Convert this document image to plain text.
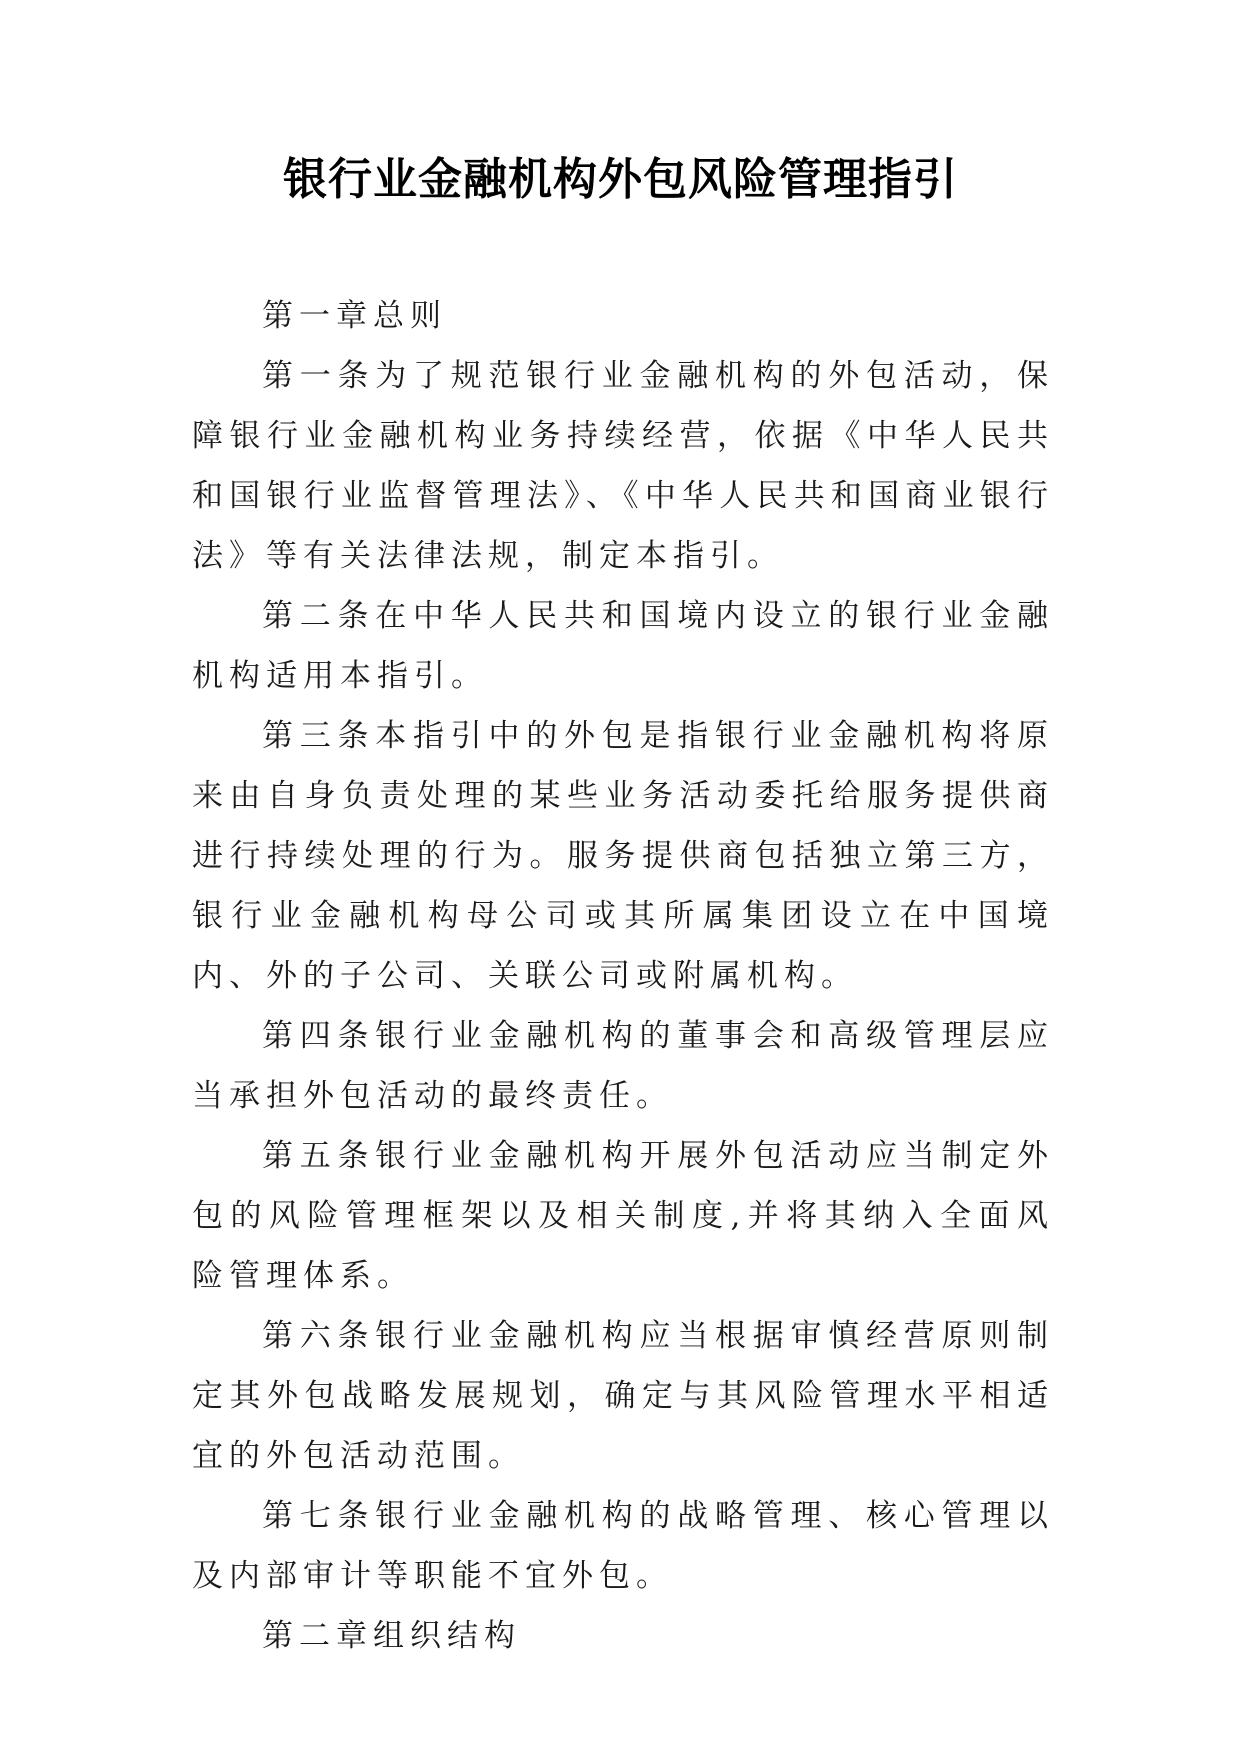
银行业金融机构外包风险管理指引

第一章总则

第一条为了规范银行业金融机构的外包活动，保障银行业金融机构业务持续经营，依据《中华人民共和国银行业监督管理法》、《中华人民共和国商业银行法》等有关法律法规，制定本指引。

第二条在中华人民共和国境内设立的银行业金融机构适用本指引。

第三条本指引中的外包是指银行业金融机构将原来由自身负责处理的某些业务活动委托给服务提供商进行持续处理的行为。服务提供商包括独立第三方，银行业金融机构母公司或其所属集团设立在中国境内、外的子公司、关联公司或附属机构。

第四条银行业金融机构的董事会和高级管理层应当承担外包活动的最终责任。

第五条银行业金融机构开展外包活动应当制定外包的风险管理框架以及相关制度,并将其纳入全面风险管理体系。

第六条银行业金融机构应当根据审慎经营原则制定其外包战略发展规划，确定与其风险管理水平相适宜的外包活动范围。

第七条银行业金融机构的战略管理、核心管理以及内部审计等职能不宜外包。

第二章组织结构
